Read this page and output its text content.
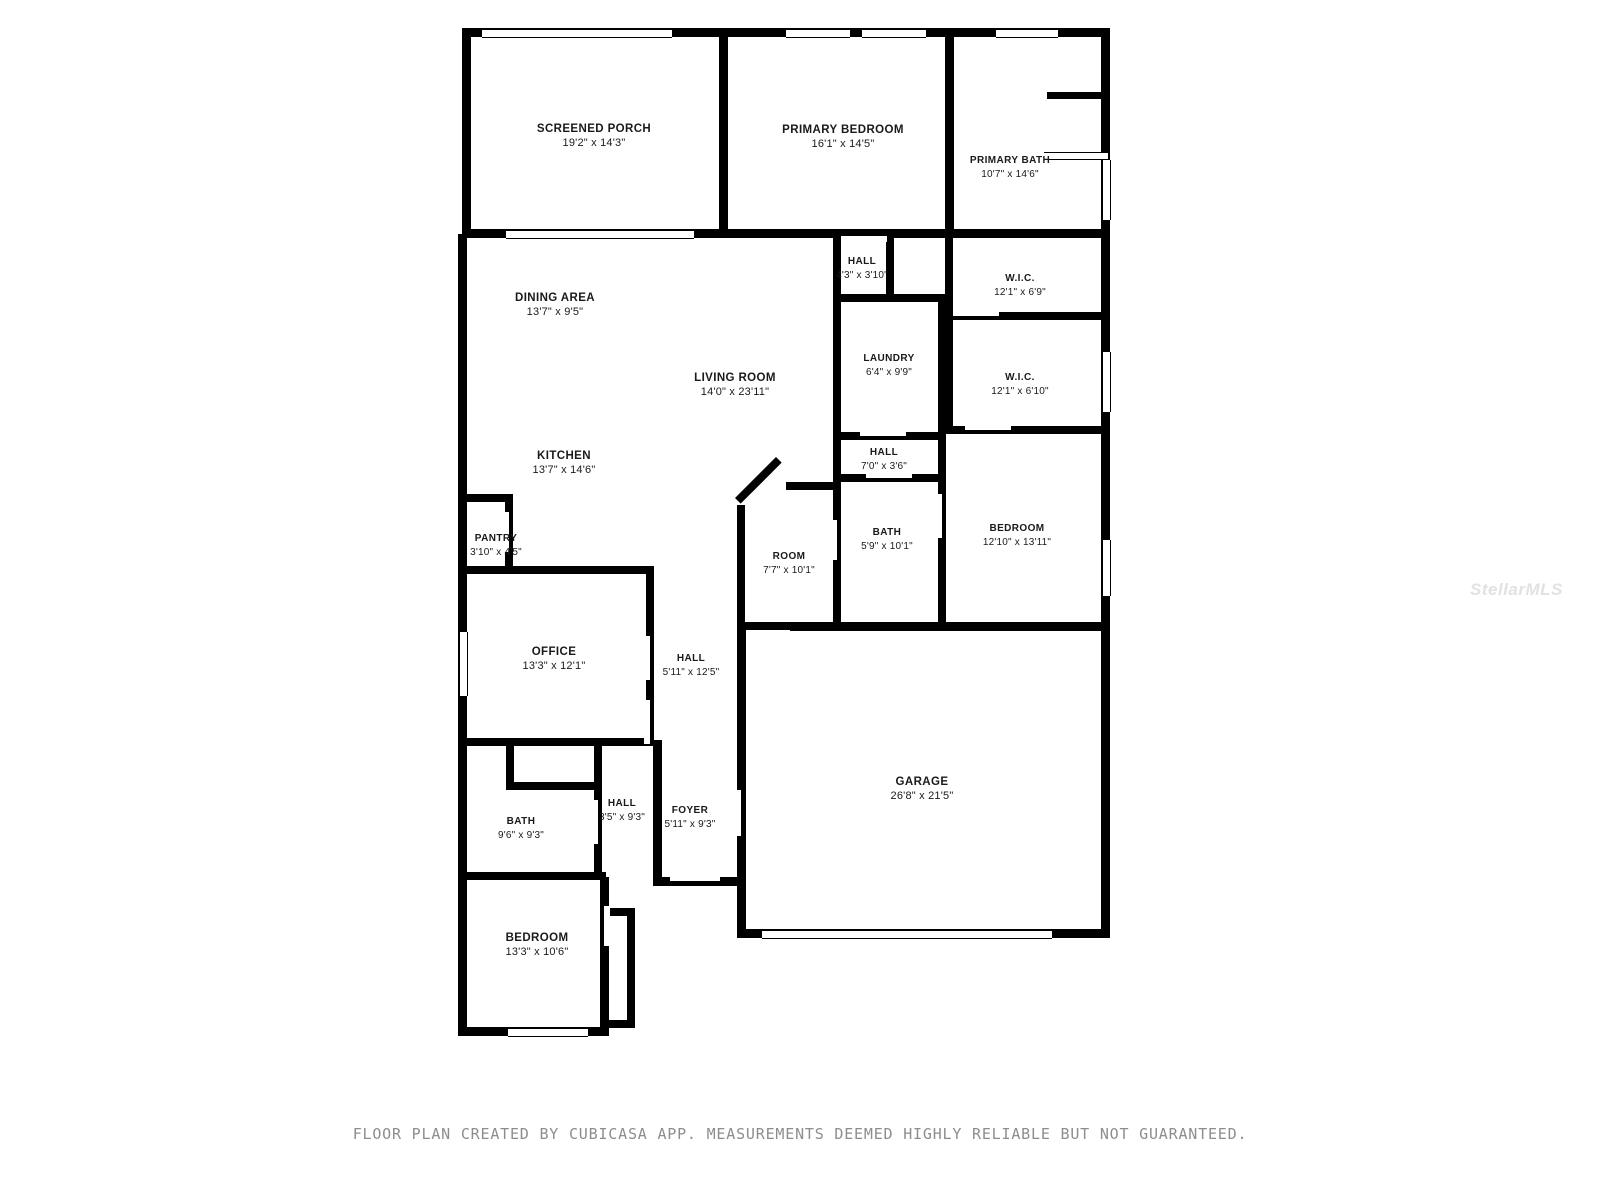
SCREENED PORCH
19'2" x 14'3"
PRIMARY BEDROOM
16'1" x 14'5"
PRIMARY BATH
10'7" x 14'6"
HALL
4'3" x 3'10"	W.I.C.
12'1" x 6'9"
DINING AREA
13'7" x 9'5"
LAUNDRY
6'4" x 9'9"	W.I.C.
12'1" x 6'10"
LIVING ROOM
14'0" x 23'11"
KITCHEN
13'7" x 14'6"
HALL
7'0" x 3'6"
BATH
5'9" x 10'1"
BEDROOM
12'10" x 13'11"
PANTRY
3'10" x 4'5"	ROOM
7'7" x 10'1"
OFFICE
13'3" x 12'1"
HALL
5'11" x 12'5"
GARAGE
26'8" x 21'5"
BATH
9'6" x 9'3"
HALL
3'5" x 9'3"
FOYER
5'11" x 9'3"
BEDROOM
13'3" x 10'6"
StellarMLS
FLOOR PLAN CREATED BY CUBICASA APP. MEASUREMENTS DEEMED HIGHLY RELIABLE BUT NOT GUARANTEED.
